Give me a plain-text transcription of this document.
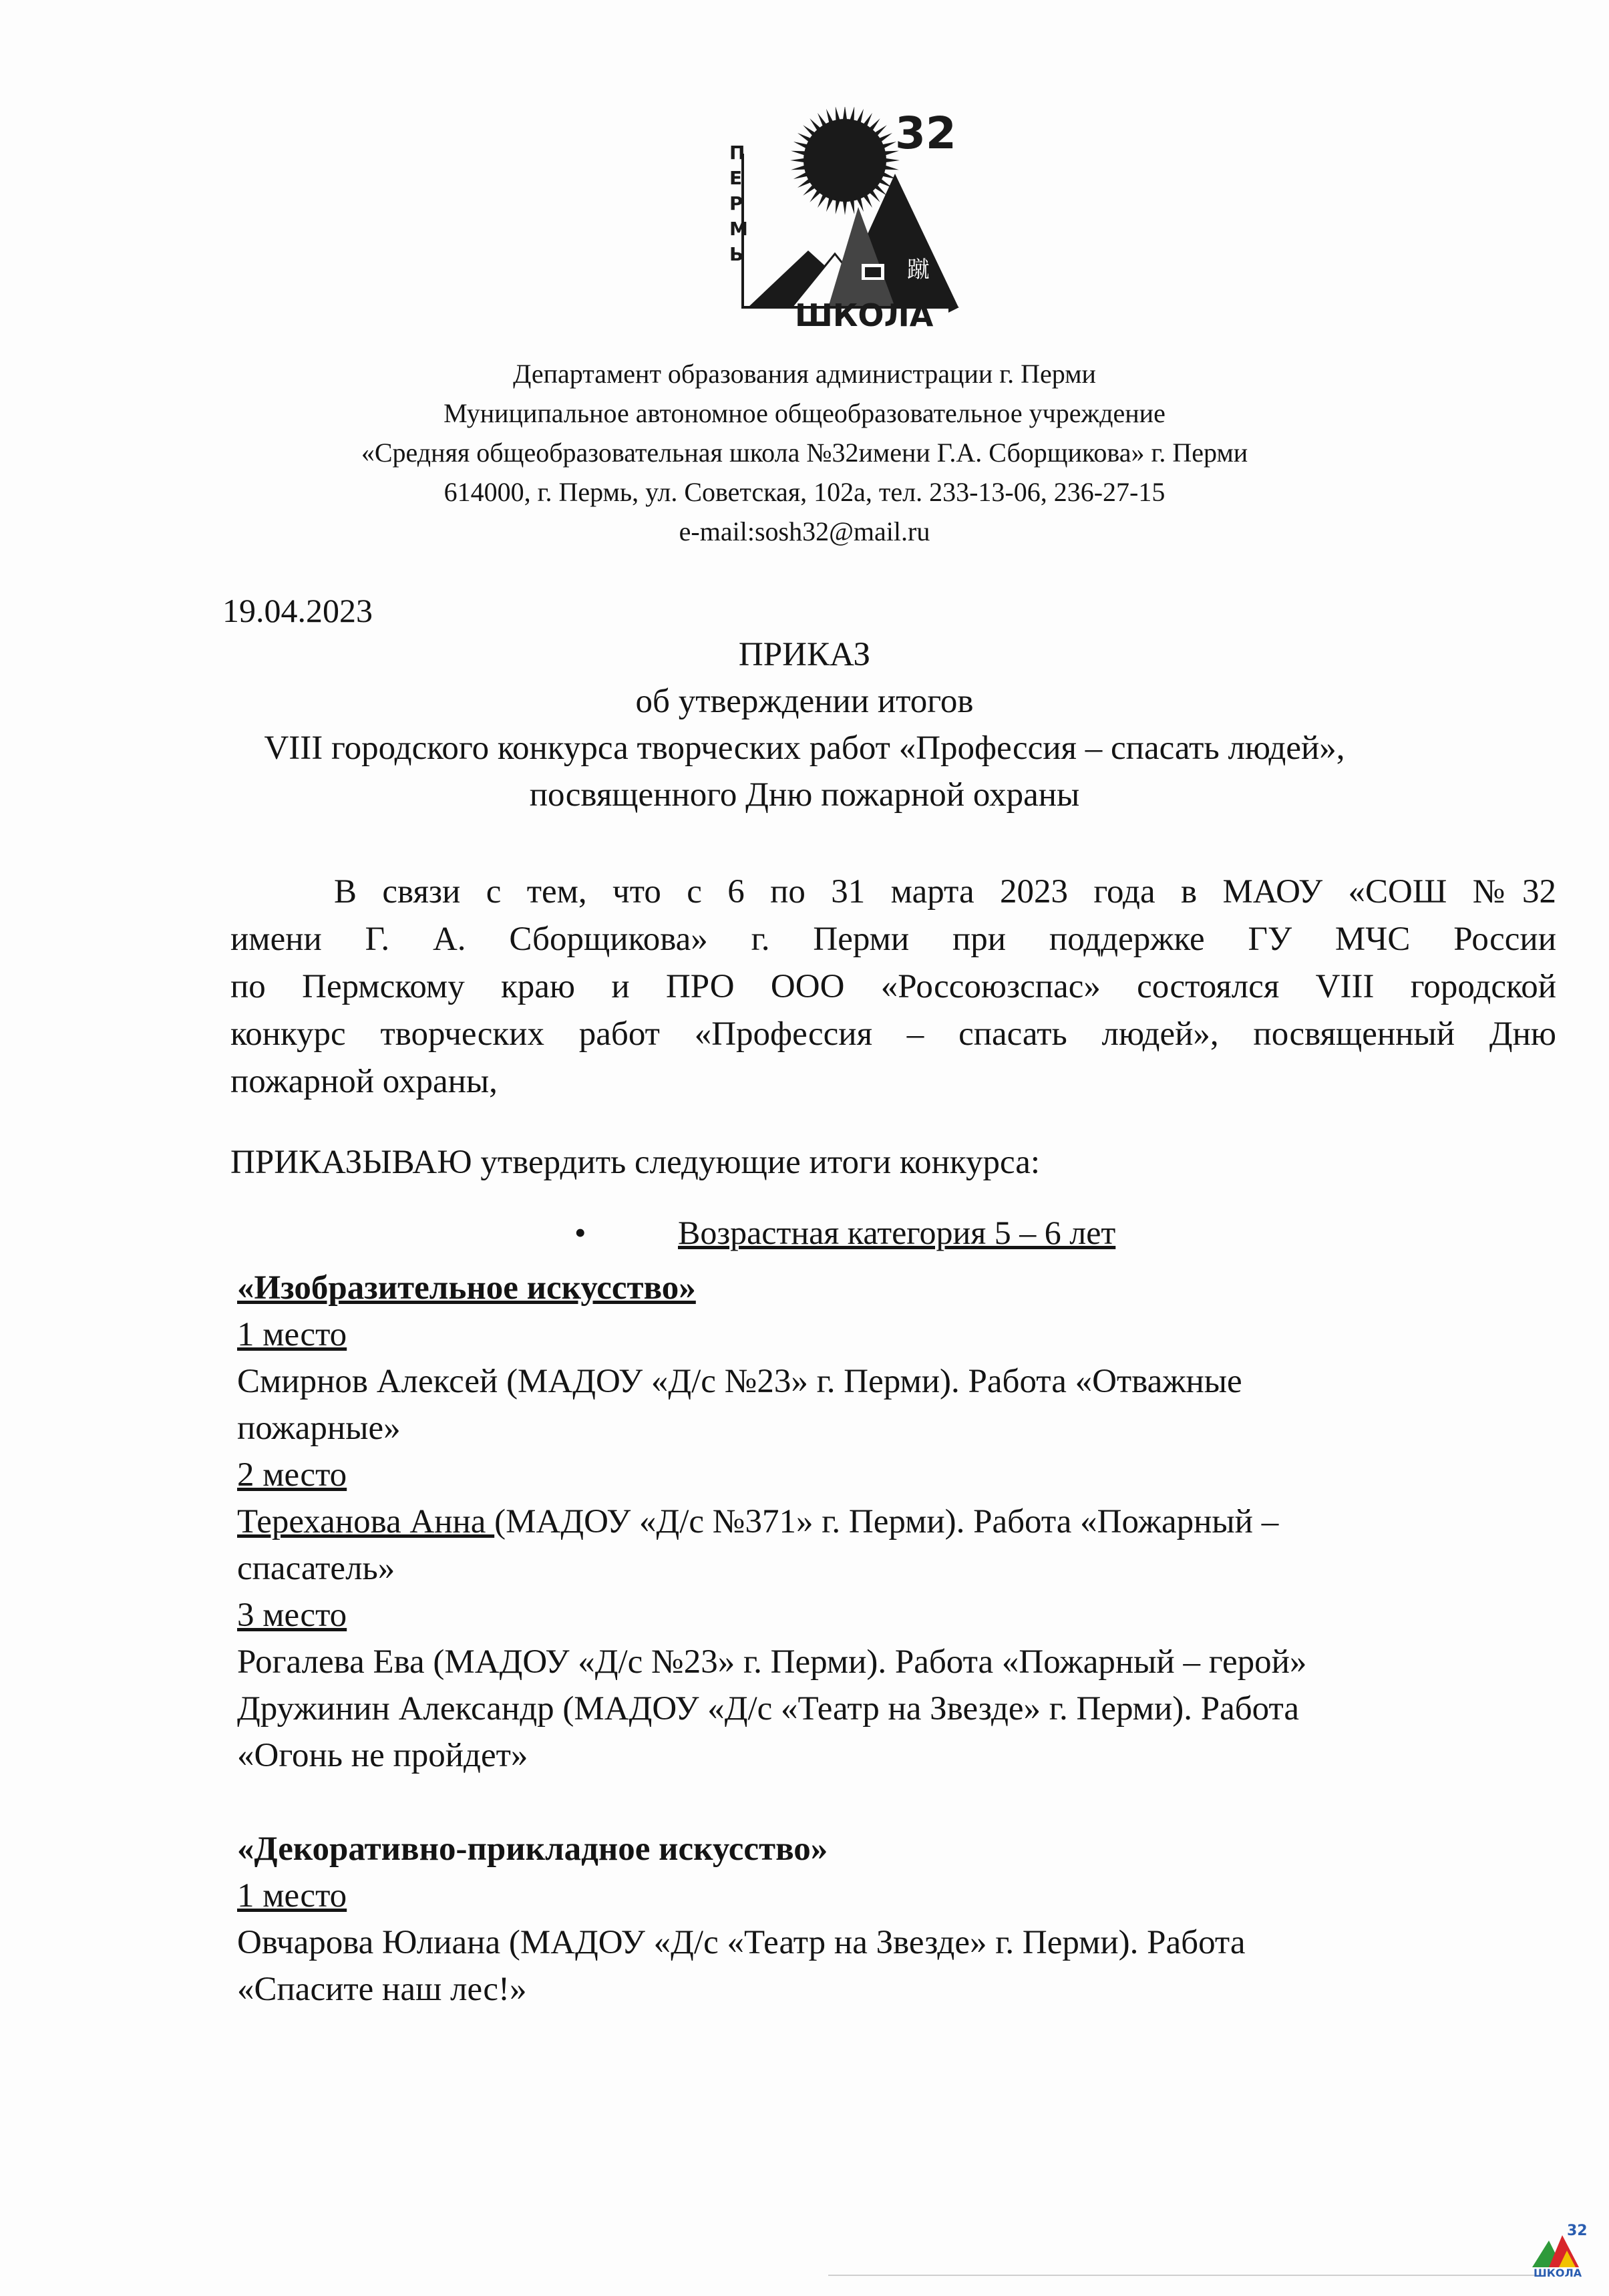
蹴
32
П
Е
Р
М
Ь
ШКОЛА
Департамент образования администрации г. Перми
Муниципальное автономное общеобразовательное учреждение
«Средняя общеобразовательная школа №32имени Г.А. Сборщикова» г. Перми
614000, г. Пермь, ул. Советская, 102а, тел. 233-13-06, 236-27-15
e-mail:sosh32@mail.ru
19.04.2023
ПРИКАЗ
об утверждении итогов
VIII городского конкурса творческих работ «Профессия – спасать людей»,
посвященного Дню пожарной охраны
В связи с тем, что с 6 по 31 марта 2023 года в МАОУ «СОШ №32
имени Г. А. Сборщикова» г. Перми при поддержке ГУ МЧС России
по Пермскому краю и ПРО ООО «Россоюзспас» состоялся VIII городской
конкурс творческих работ «Профессия – спасать людей», посвященный Дню
пожарной охраны,
ПРИКАЗЫВАЮ утвердить следующие итоги конкурса:
•	Возрастная категория 5 – 6 лет
«Изобразительное искусство»
1 место
Смирнов Алексей (МАДОУ «Д/с №23» г. Перми). Работа «Отважные
пожарные»
2 место
Тереханова Анна (МАДОУ «Д/с №371» г. Перми). Работа «Пожарный –
спасатель»
3 место
Рогалева Ева (МАДОУ «Д/с №23» г. Перми). Работа «Пожарный – герой»
Дружинин Александр (МАДОУ «Д/с «Театр на Звезде» г. Перми). Работа
«Огонь не пройдет»
«Декоративно-прикладное искусство»
1 место
Овчарова Юлиана (МАДОУ «Д/с «Театр на Звезде» г. Перми). Работа
«Спасите наш лес!»
32
ШКОЛА
